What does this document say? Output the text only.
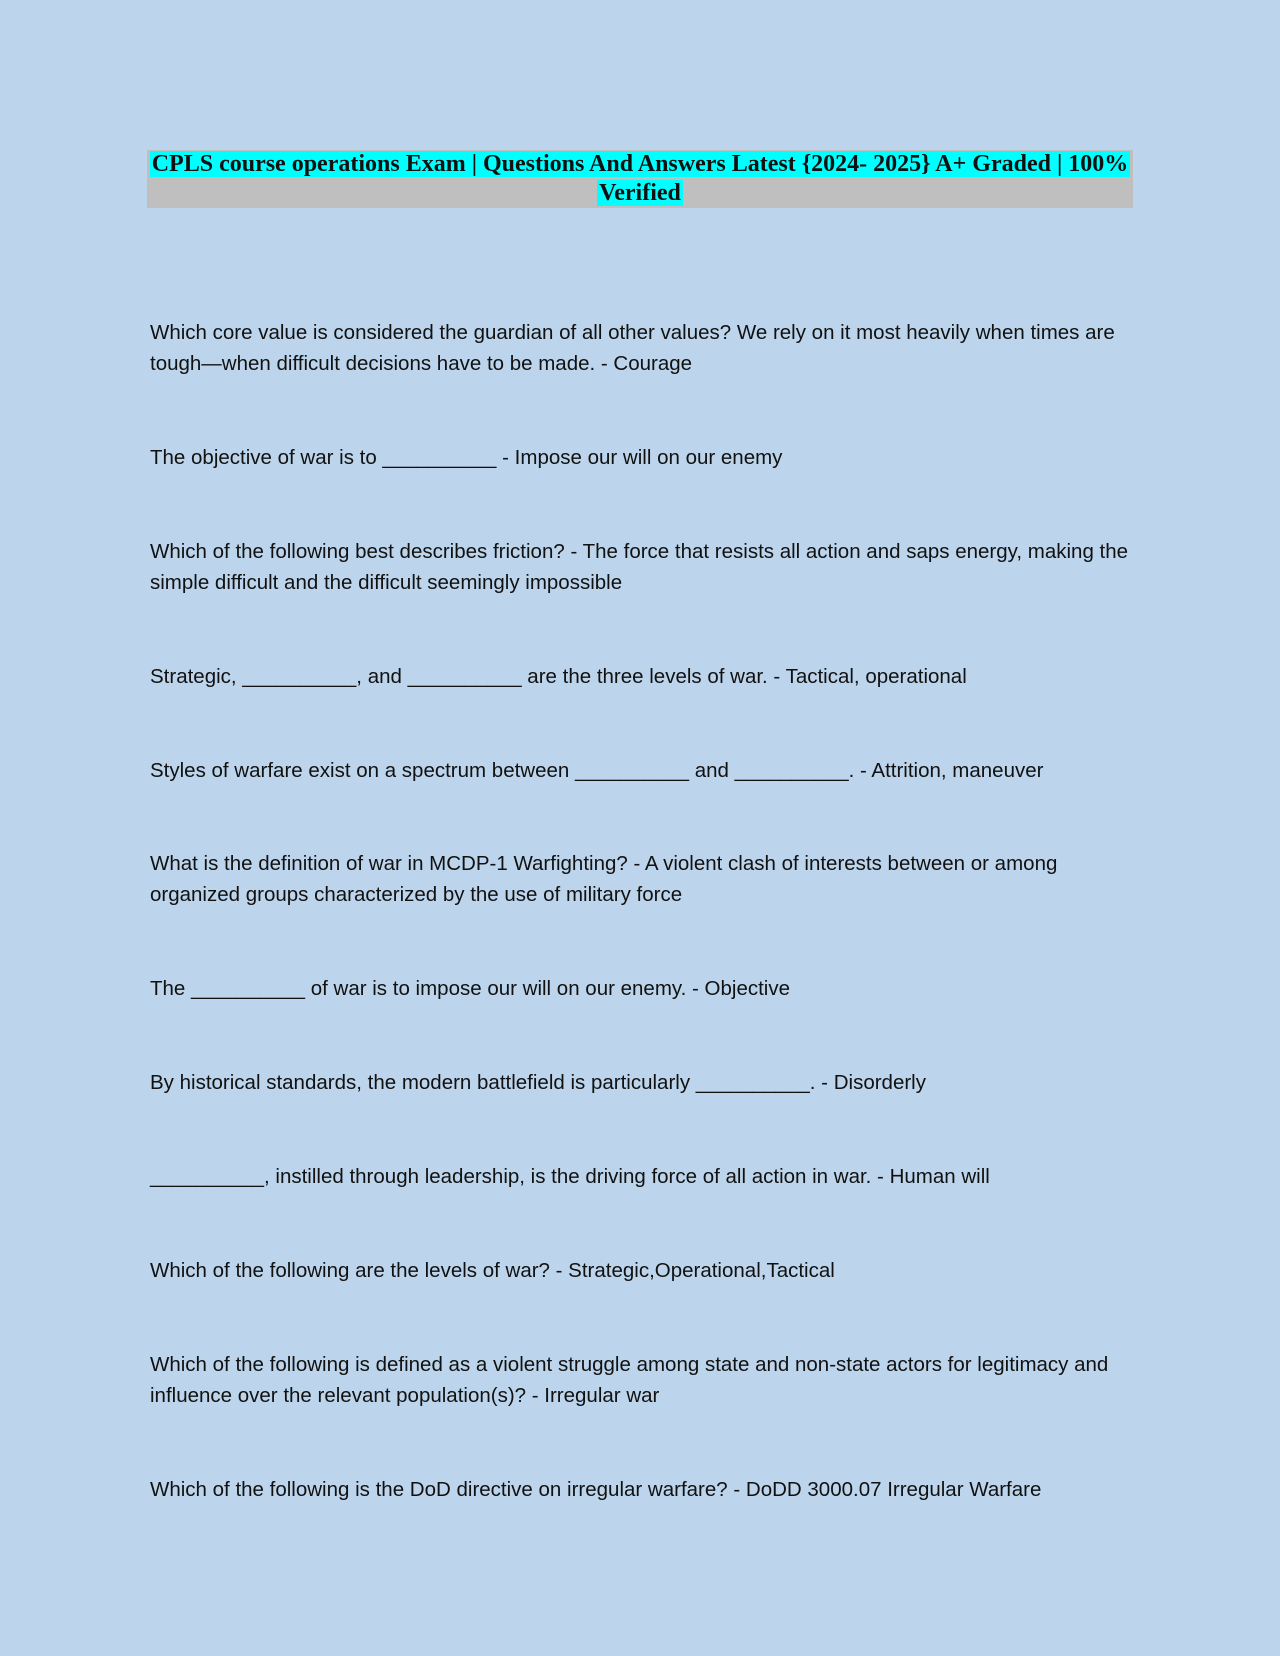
CPLS course operations Exam | Questions And Answers Latest {2024- 2025} A+ Graded | 100% Verified

Which core value is considered the guardian of all other values? We rely on it most heavily when times are tough—when difficult decisions have to be made. - Courage

The objective of war is to __________ - Impose our will on our enemy

Which of the following best describes friction? - The force that resists all action and saps energy, making the simple difficult and the difficult seemingly impossible

Strategic, __________, and __________ are the three levels of war. - Tactical, operational

Styles of warfare exist on a spectrum between __________ and __________. - Attrition, maneuver

What is the definition of war in MCDP-1 Warfighting? - A violent clash of interests between or among organized groups characterized by the use of military force

The __________ of war is to impose our will on our enemy. - Objective

By historical standards, the modern battlefield is particularly __________. - Disorderly

__________, instilled through leadership, is the driving force of all action in war. - Human will

Which of the following are the levels of war? - Strategic,Operational,Tactical

Which of the following is defined as a violent struggle among state and non-state actors for legitimacy and influence over the relevant population(s)? - Irregular war

Which of the following is the DoD directive on irregular warfare? - DoDD 3000.07 Irregular Warfare
